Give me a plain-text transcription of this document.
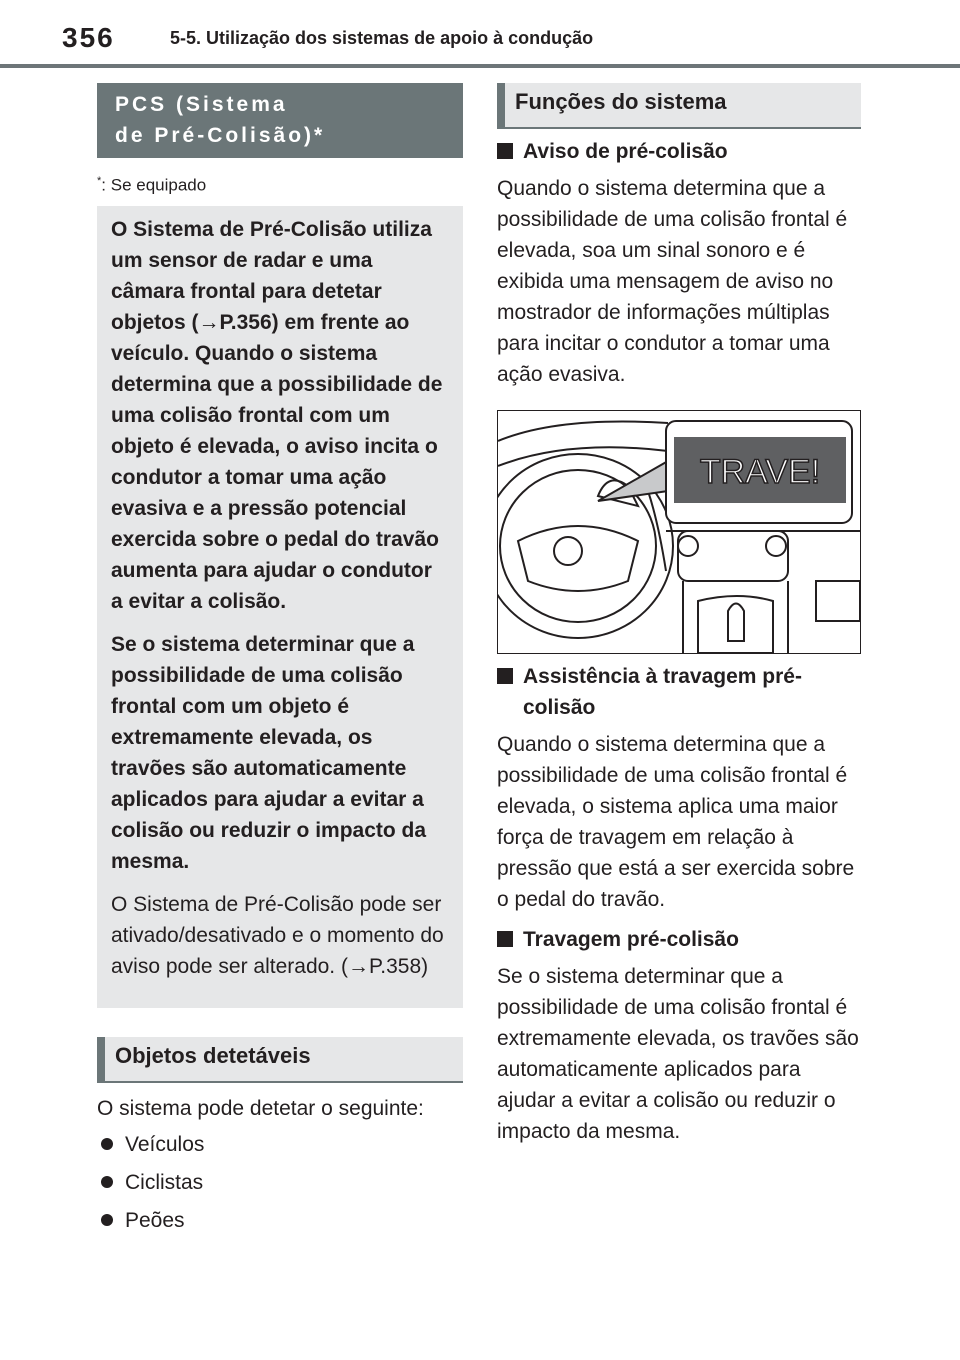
356	5-5. Utilização dos sistemas de apoio à condução
PCS (Sistema
de Pré-Colisão)*
*: Se equipado

O Sistema de Pré-Colisão utiliza um sensor de radar e uma câmara frontal para detetar objetos (→P.356) em frente ao veículo. Quando o sistema determina que a possibilidade de uma colisão frontal com um objeto é elevada, o aviso incita o condutor a tomar uma ação evasiva e a pressão potencial exercida sobre o pedal do travão aumenta para ajudar o condutor a evitar a colisão.

Se o sistema determinar que a possibilidade de uma colisão frontal com um objeto é extremamente elevada, os travões são automaticamente aplicados para ajudar a evitar a colisão ou reduzir o impacto da mesma.

O Sistema de Pré-Colisão pode ser ativado/desativado e o momento do aviso pode ser alterado. (→P.358)

Objetos detetáveis
O sistema pode detetar o seguinte:
Veículos
Ciclistas
Peões
Funções do sistema
Aviso de pré-colisão
Quando o sistema determina que a possibilidade de uma colisão frontal é elevada, soa um sinal sonoro e é exibida uma mensagem de aviso no mostrador de informações múltiplas para incitar o condutor a tomar uma ação evasiva.
TRAVE!
Assistência à travagem pré-colisão
Quando o sistema determina que a possibilidade de uma colisão frontal é elevada, o sistema aplica uma maior força de travagem em relação à pressão que está a ser exercida sobre o pedal do travão.
Travagem pré-colisão
Se o sistema determinar que a possibilidade de uma colisão frontal é extremamente elevada, os travões são automaticamente aplicados para ajudar a evitar a colisão ou reduzir o impacto da mesma.
